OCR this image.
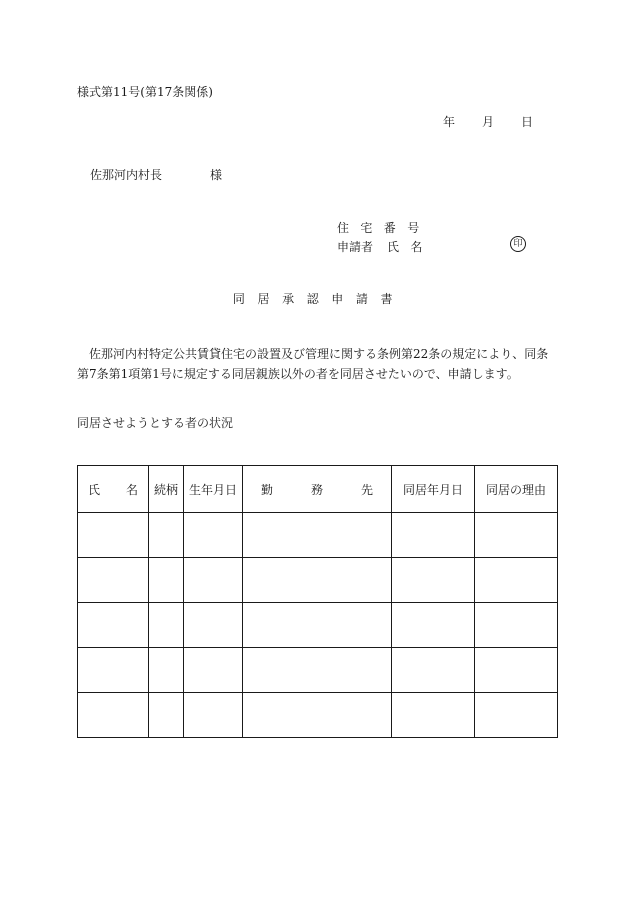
様式第11号(第17条関係)
年 月 日
佐那河内村長	様
住宅番号
申請者 氏名	印
同居承認申請書
佐那河内村特定公共賃貸住宅の設置及び管理に関する条例第22条の規定により、同条第7条第1項第1号に規定する同居親族以外の者を同居させたいので、申請します。
同居させようとする者の状況
氏 名	続柄	生年月日	勤 務 先	同居年月日	同居の理由
